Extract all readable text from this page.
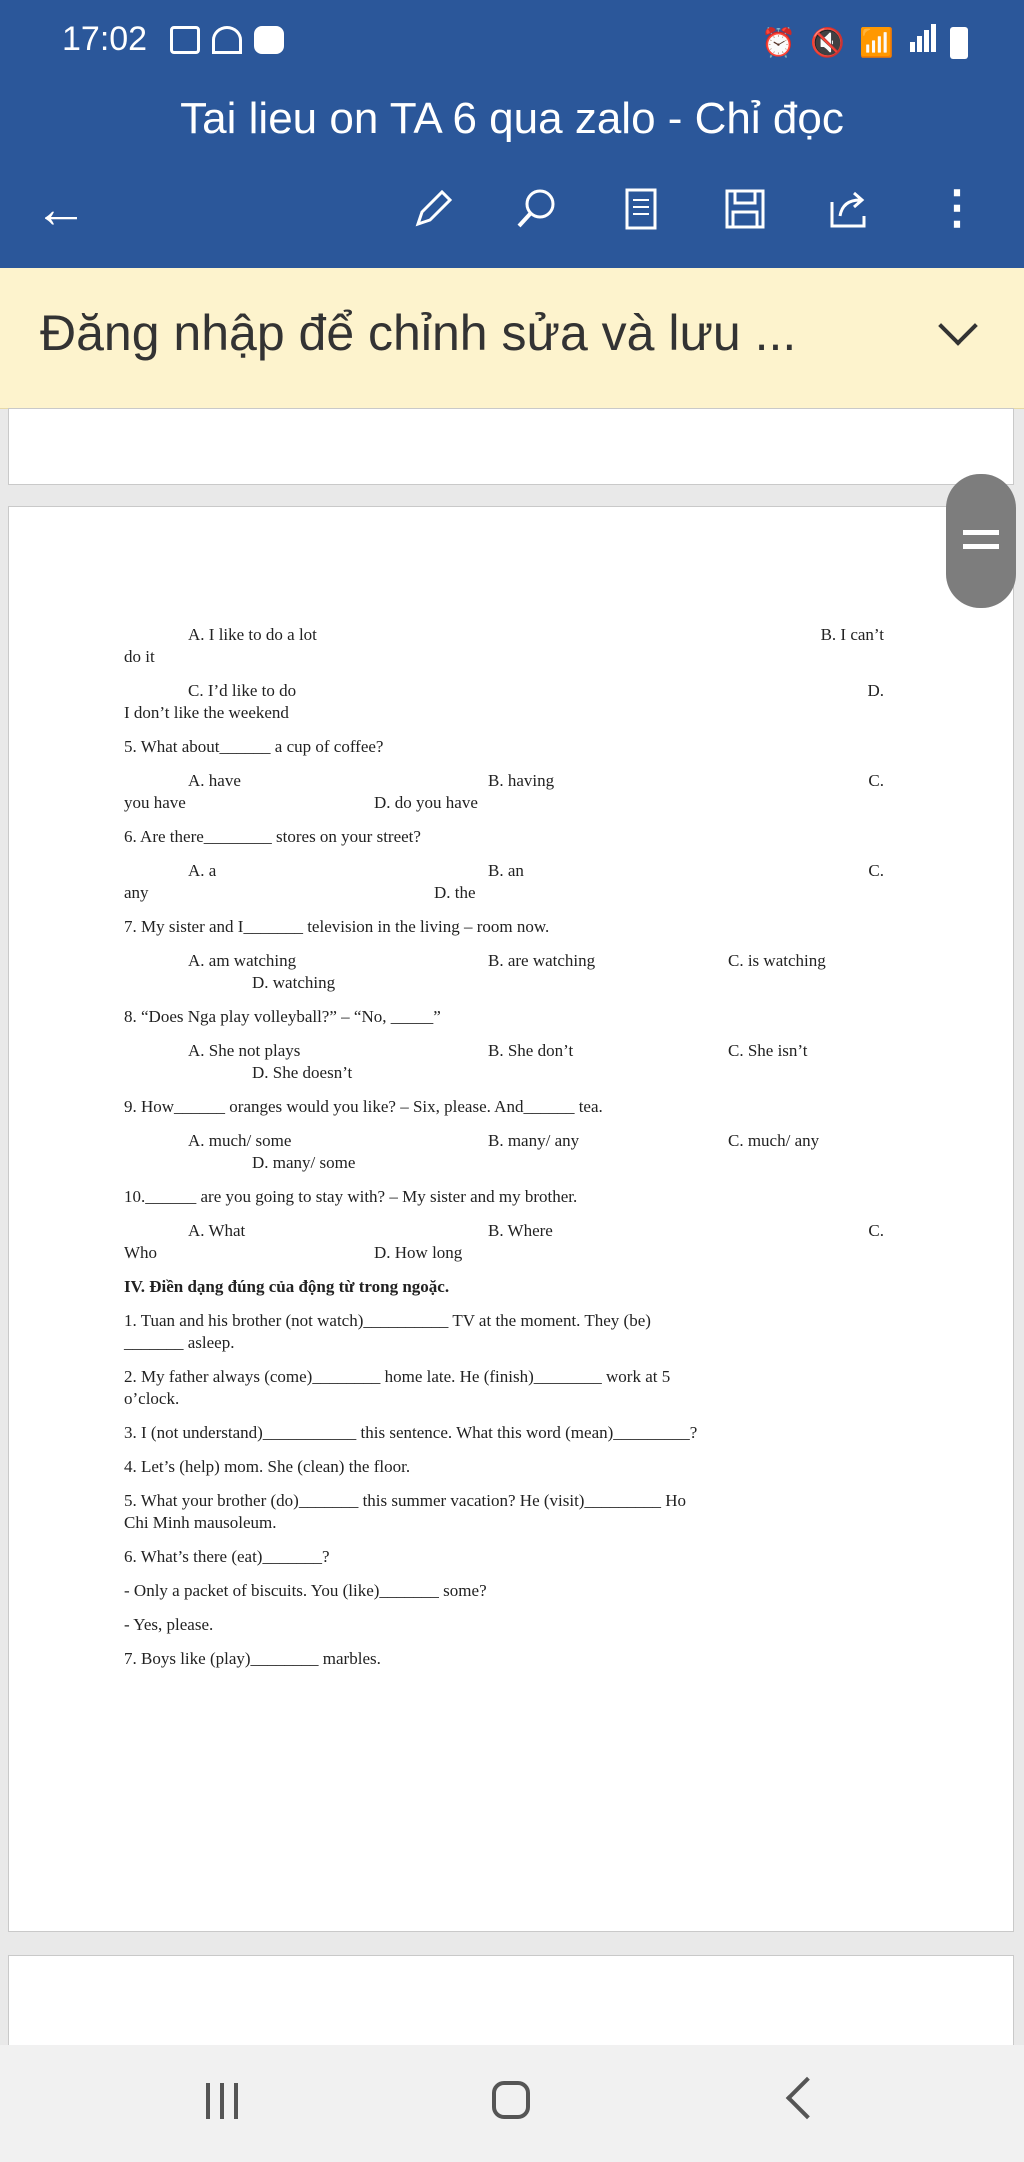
17:02	⏰ 🔇 📶
Tai lieu on TA 6 qua zalo - Chỉ đọc
←	⋮
Đăng nhập để chỉnh sửa và lưu ...
A. I like to do a lot	B. I can’t

do it

C. I’d like to do	D.

I don’t like the weekend

5. What about______ a cup of coffee?

A. have	B. having	C.
you have	D. do you have

6. Are there________ stores on your street?

A. a	B. an	C.
any	D. the

7. My sister and I_______ television in the living – room now.

A. am watching	B. are watching	C. is watching

D. watching

8. “Does Nga play volleyball?” – “No, _____”

A. She not plays	B. She don’t	C. She isn’t

D. She doesn’t

9. How______ oranges would you like? – Six, please. And______ tea.

A. much/ some	B. many/ any	C. much/ any

D. many/ some

10.______ are you going to stay with? – My sister and my brother.

A. What	B. Where	C.
Who	D. How long

IV. Điền dạng đúng của động từ trong ngoặc.

1. Tuan and his brother (not watch)__________ TV at the moment. They (be)

_______ asleep.

2. My father always (come)________ home late. He (finish)________ work at 5

o’clock.

3. I (not understand)___________ this sentence. What this word (mean)_________?

4. Let’s (help) mom. She (clean) the floor.

5. What your brother (do)_______ this summer vacation? He (visit)_________ Ho

Chi Minh mausoleum.

6. What’s there (eat)_______?

- Only a packet of biscuits. You (like)_______ some?

- Yes, please.

7. Boys like (play)________ marbles.
